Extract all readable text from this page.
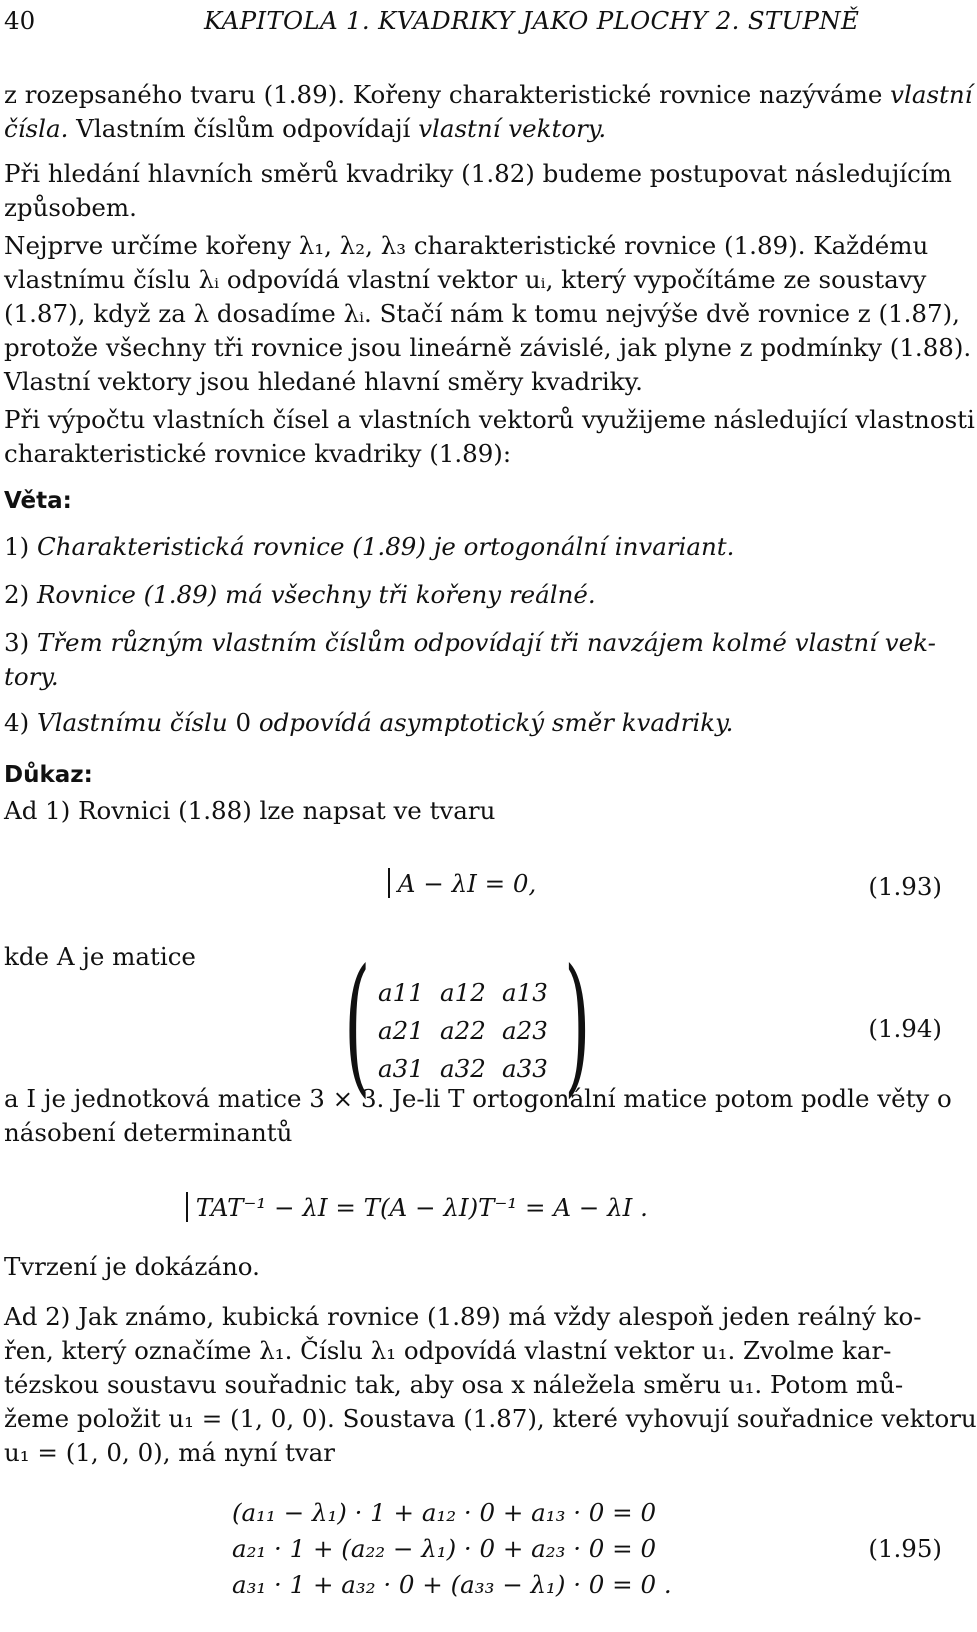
40	KAPITOLA 1. KVADRIKY JAKO PLOCHY 2. STUPNĚ
z rozepsaného tvaru (1.89). Kořeny charakteristické rovnice nazýváme vlastní
čísla. Vlastním číslům odpovídají vlastní vektory.
Při hledání hlavních směrů kvadriky (1.82) budeme postupovat následujícím
způsobem.
Nejprve určíme kořeny λ₁, λ₂, λ₃ charakteristické rovnice (1.89). Každému
vlastnímu číslu λᵢ odpovídá vlastní vektor uᵢ, který vypočítáme ze soustavy
(1.87), když za λ dosadíme λᵢ. Stačí nám k tomu nejvýše dvě rovnice z (1.87),
protože všechny tři rovnice jsou lineárně závislé, jak plyne z podmínky (1.88).
Vlastní vektory jsou hledané hlavní směry kvadriky.
Při výpočtu vlastních čísel a vlastních vektorů využijeme následující vlastnosti
charakteristické rovnice kvadriky (1.89):
Věta:
1) Charakteristická rovnice (1.89) je ortogonální invariant.
2) Rovnice (1.89) má všechny tři kořeny reálné.
3) Třem různým vlastním číslům odpovídají tři navzájem kolmé vlastní vek-
tory.
4) Vlastnímu číslu 0 odpovídá asymptotický směr kvadriky.
Důkaz:
Ad 1) Rovnici (1.88) lze napsat ve tvaru
A − λI = 0,	(1.93)
kde A je matice ( )
a11 a12 a13
a21 a22 a23
a31 a32 a33
(1.94)
a I je jednotková matice 3 × 3. Je-li T ortogonální matice potom podle věty o
násobení determinantů
TAT⁻¹ − λI = T(A − λI)T⁻¹ = A − λI .
Tvrzení je dokázáno.
Ad 2) Jak známo, kubická rovnice (1.89) má vždy alespoň jeden reálný ko-
řen, který označíme λ₁. Číslu λ₁ odpovídá vlastní vektor u₁. Zvolme kar-
tézskou soustavu souřadnic tak, aby osa x náležela směru u₁. Potom mů-
žeme položit u₁ = (1, 0, 0). Soustava (1.87), které vyhovují souřadnice vektoru
u₁ = (1, 0, 0), má nyní tvar
(a₁₁ − λ₁) · 1 + a₁₂ · 0 + a₁₃ · 0 = 0
a₂₁ · 1 + (a₂₂ − λ₁) · 0 + a₂₃ · 0 = 0
a₃₁ · 1 + a₃₂ · 0 + (a₃₃ − λ₁) · 0 = 0 .
(1.95)
